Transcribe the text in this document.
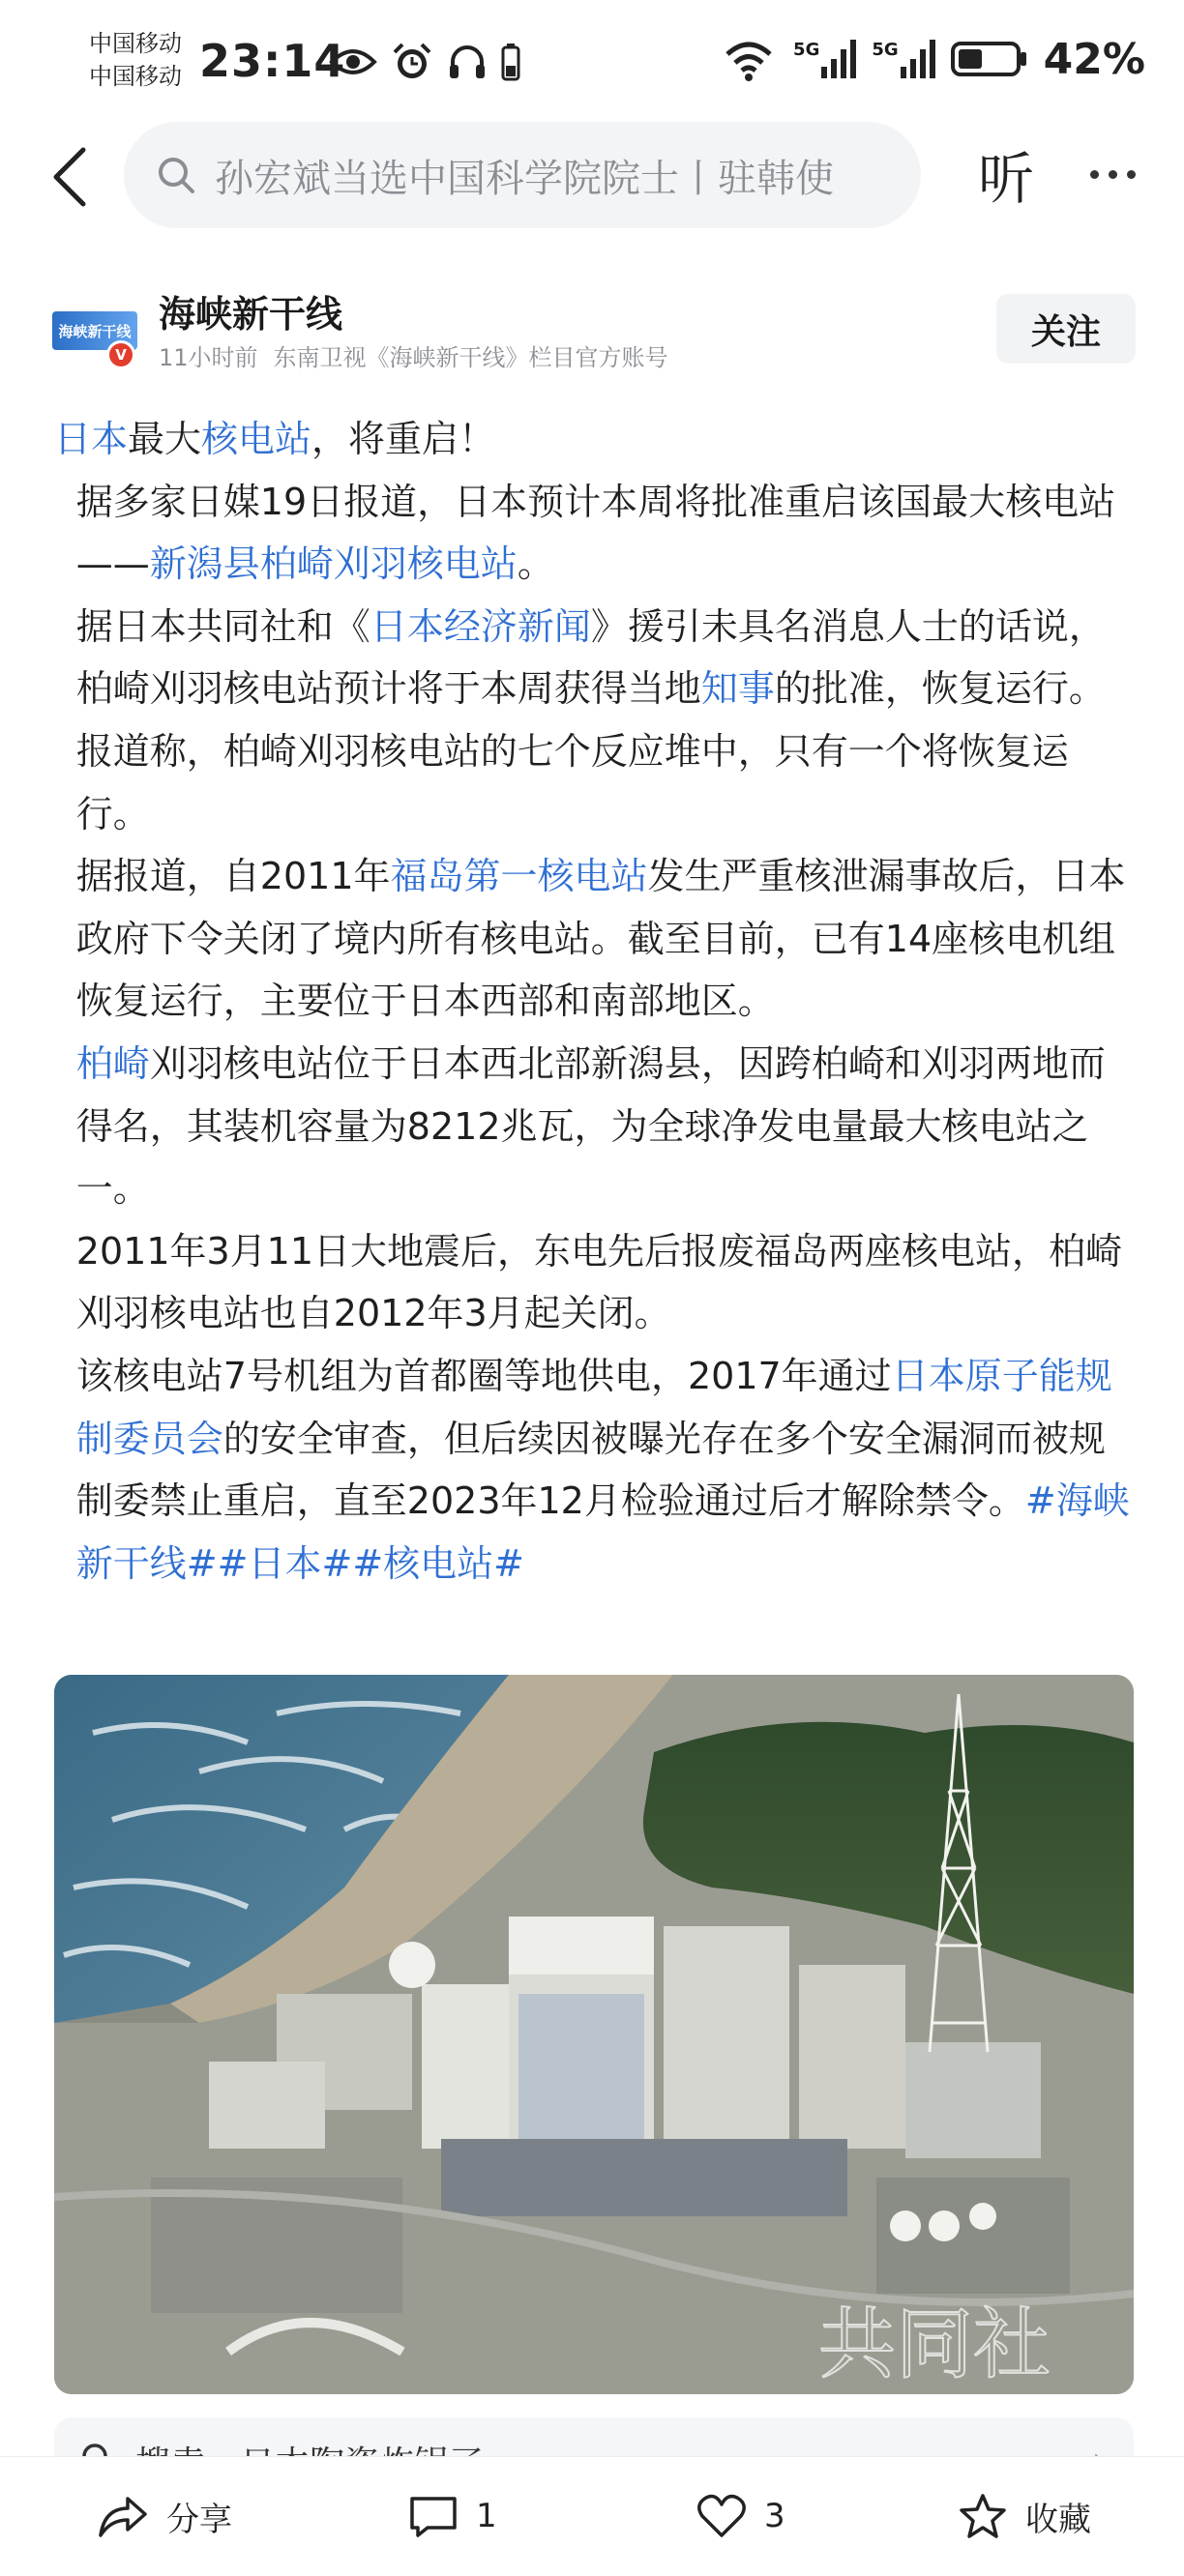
中国移动
中国移动 23:14	5G	5G	42%
孙宏斌当选中国科学院院士丨驻韩使	听
海峡新干线
V
海峡新干线
11小时前 东南卫视《海峡新干线》栏目官方账号
关注

日本最大核电站，将重启！

据多家日媒19日报道，日本预计本周将批准重启该国最大核电站——新潟县柏崎刈羽核电站。

据日本共同社和《日本经济新闻》援引未具名消息人士的话说，柏崎刈羽核电站预计将于本周获得当地知事的批准，恢复运行。

报道称，柏崎刈羽核电站的七个反应堆中，只有一个将恢复运行。

据报道，自2011年福岛第一核电站发生严重核泄漏事故后，日本政府下令关闭了境内所有核电站。截至目前，已有14座核电机组恢复运行，主要位于日本西部和南部地区。

柏崎刈羽核电站位于日本西北部新潟县，因跨柏崎和刈羽两地而得名，其装机容量为8212兆瓦，为全球净发电量最大核电站之一。

2011年3月11日大地震后，东电先后报废福岛两座核电站，柏崎刈羽核电站也自2012年3月起关闭。

该核电站7号机组为首都圈等地供电，2017年通过日本原子能规制委员会的安全审查，但后续因被曝光存在多个安全漏洞而被规制委禁止重启，直至2023年12月检验通过后才解除禁令。#海峡新干线##日本##核电站#

共同社
分享	1	3	收藏
